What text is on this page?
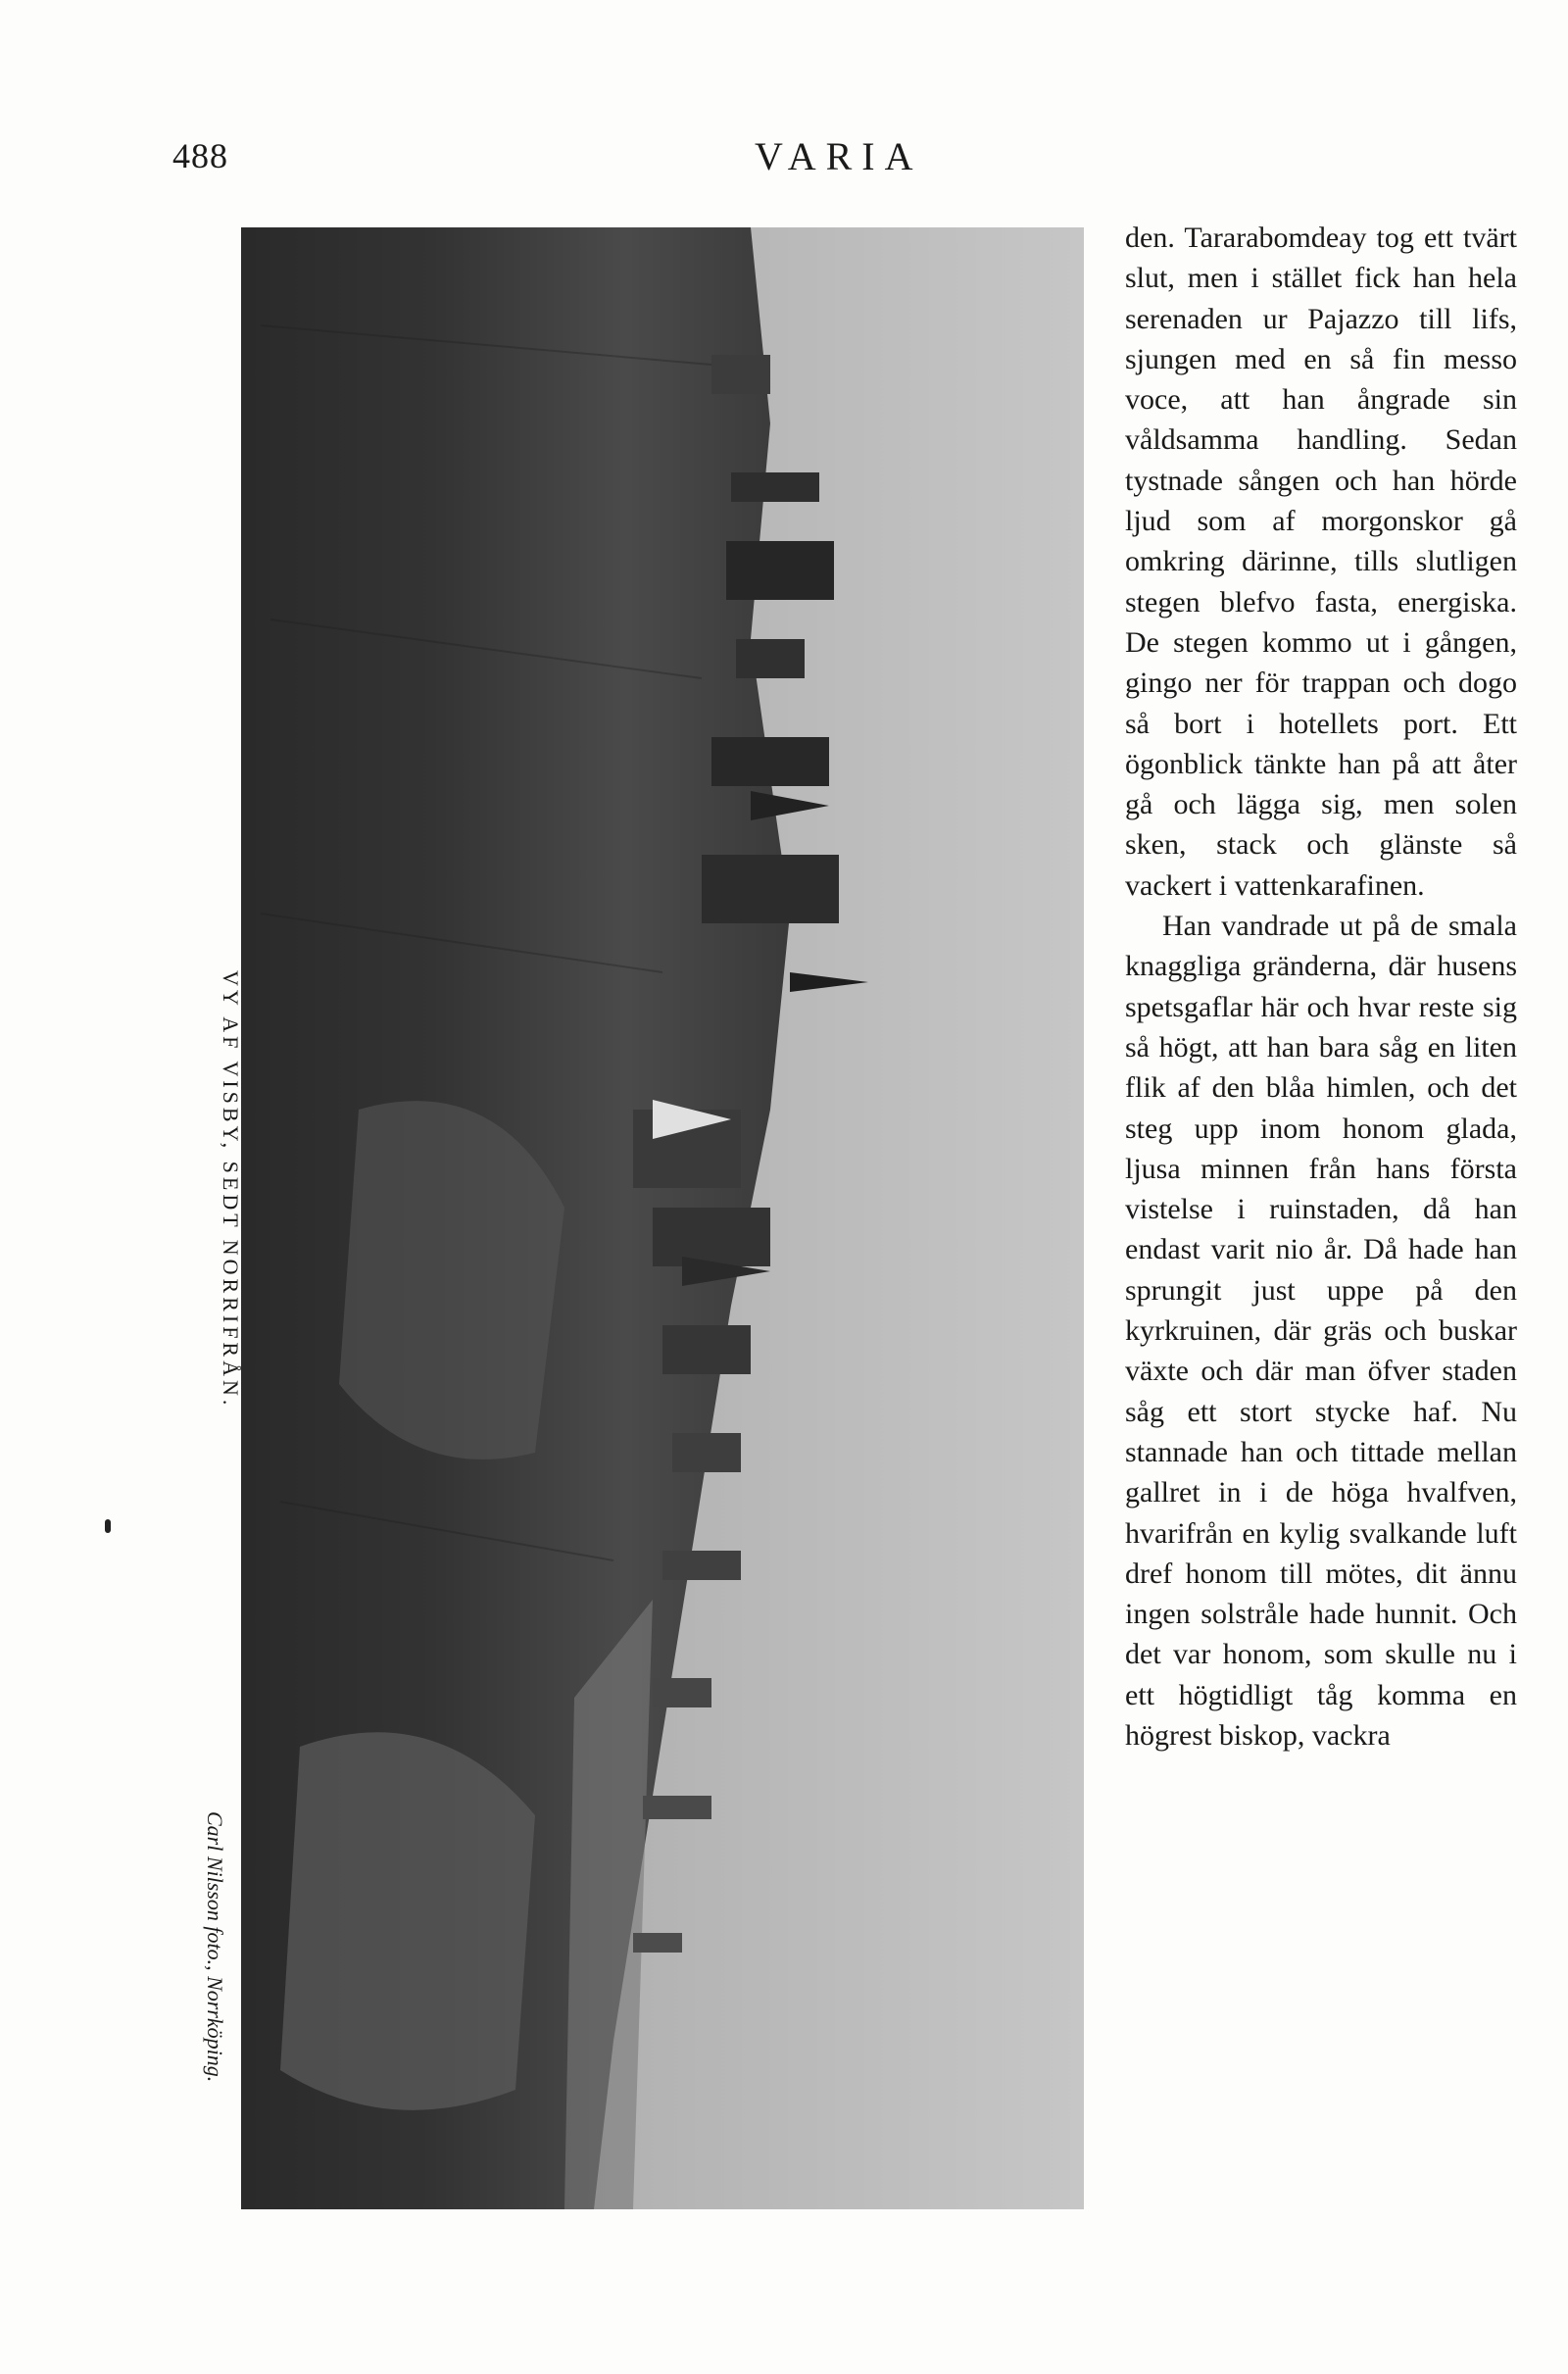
488	VARIA
VY AF VISBY, SEDT NORRIFRÅN.
Carl Nilsson foto., Norrköping.

den. Tararabomdeay tog ett tvärt slut, men i stället fick han hela serenaden ur Pajazzo till lifs, sjungen med en så fin messo voce, att han ångrade sin våldsamma handling. Sedan tystnade sången och han hörde ljud som af morgonskor gå omkring därinne, tills slutligen stegen blefvo fasta, energiska. De stegen kommo ut i gången, gingo ner för trappan och dogo så bort i hotellets port. Ett ögonblick tänkte han på att åter gå och lägga sig, men solen sken, stack och glänste så vackert i vattenkarafinen.

Han vandrade ut på de smala knaggliga gränderna, där husens spetsgaflar här och hvar reste sig så högt, att han bara såg en liten flik af den blåa himlen, och det steg upp inom honom glada, ljusa minnen från hans första vistelse i ruinstaden, då han endast varit nio år. Då hade han sprungit just uppe på den kyrkruinen, där gräs och buskar växte och där man öfver staden såg ett stort stycke haf. Nu stannade han och tittade mellan gallret in i de höga hvalfven, hvarifrån en kylig svalkande luft dref honom till mötes, dit ännu ingen solstråle hade hunnit. Och det var honom, som skulle nu i ett högtidligt tåg komma en högrest biskop, vackra
